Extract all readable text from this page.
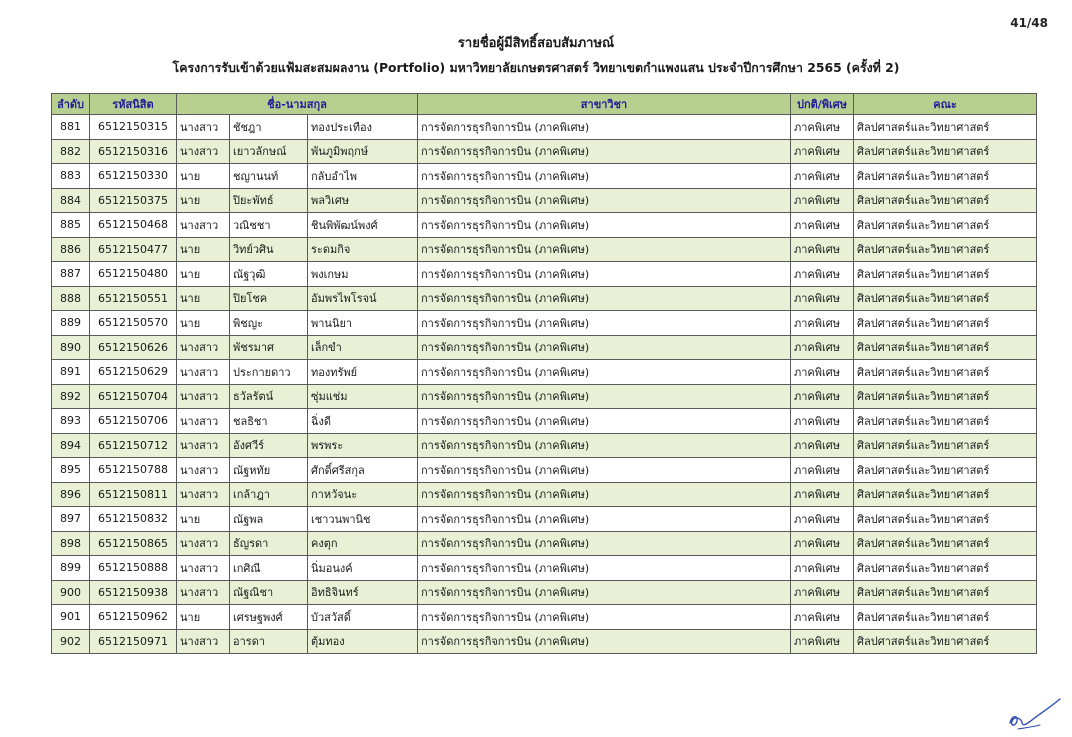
41/48
รายชื่อผู้มีสิทธิ์สอบสัมภาษณ์
โครงการรับเข้าด้วยแฟ้มสะสมผลงาน (Portfolio) มหาวิทยาลัยเกษตรศาสตร์ วิทยาเขตกำแพงแสน ประจำปีการศึกษา 2565 (ครั้งที่ 2)
ลำดับ	รหัสนิสิต	ชื่อ-นามสกุล			สาขาวิชา	ปกติ/พิเศษ	คณะ
881	6512150315	นางสาว	ชัชฎา	ทองประเทือง	การจัดการธุรกิจการบิน (ภาคพิเศษ)	ภาคพิเศษ	ศิลปศาสตร์และวิทยาศาสตร์
882	6512150316	นางสาว	เยาวลักษณ์	พันภูมิพฤกษ์	การจัดการธุรกิจการบิน (ภาคพิเศษ)	ภาคพิเศษ	ศิลปศาสตร์และวิทยาศาสตร์
883	6512150330	นาย	ชญานนท์	กลับอำไพ	การจัดการธุรกิจการบิน (ภาคพิเศษ)	ภาคพิเศษ	ศิลปศาสตร์และวิทยาศาสตร์
884	6512150375	นาย	ปิยะพัทธ์	พลวิเศษ	การจัดการธุรกิจการบิน (ภาคพิเศษ)	ภาคพิเศษ	ศิลปศาสตร์และวิทยาศาสตร์
885	6512150468	นางสาว	วณิชชา	ชินพิพัฒน์พงศ์	การจัดการธุรกิจการบิน (ภาคพิเศษ)	ภาคพิเศษ	ศิลปศาสตร์และวิทยาศาสตร์
886	6512150477	นาย	วิทย์วศิน	ระดมกิจ	การจัดการธุรกิจการบิน (ภาคพิเศษ)	ภาคพิเศษ	ศิลปศาสตร์และวิทยาศาสตร์
887	6512150480	นาย	ณัฐวุฒิ	พงเกษม	การจัดการธุรกิจการบิน (ภาคพิเศษ)	ภาคพิเศษ	ศิลปศาสตร์และวิทยาศาสตร์
888	6512150551	นาย	ปิยโชค	อัมพรไพโรจน์	การจัดการธุรกิจการบิน (ภาคพิเศษ)	ภาคพิเศษ	ศิลปศาสตร์และวิทยาศาสตร์
889	6512150570	นาย	พิชญะ	พานนิยา	การจัดการธุรกิจการบิน (ภาคพิเศษ)	ภาคพิเศษ	ศิลปศาสตร์และวิทยาศาสตร์
890	6512150626	นางสาว	พัชรมาศ	เล็กขำ	การจัดการธุรกิจการบิน (ภาคพิเศษ)	ภาคพิเศษ	ศิลปศาสตร์และวิทยาศาสตร์
891	6512150629	นางสาว	ประกายดาว	ทองทรัพย์	การจัดการธุรกิจการบิน (ภาคพิเศษ)	ภาคพิเศษ	ศิลปศาสตร์และวิทยาศาสตร์
892	6512150704	นางสาว	ธวัลรัตน์	ซุ่มแช่ม	การจัดการธุรกิจการบิน (ภาคพิเศษ)	ภาคพิเศษ	ศิลปศาสตร์และวิทยาศาสตร์
893	6512150706	นางสาว	ชลธิชา	ฉิ่งดี	การจัดการธุรกิจการบิน (ภาคพิเศษ)	ภาคพิเศษ	ศิลปศาสตร์และวิทยาศาสตร์
894	6512150712	นางสาว	อังศวีร์	พรพระ	การจัดการธุรกิจการบิน (ภาคพิเศษ)	ภาคพิเศษ	ศิลปศาสตร์และวิทยาศาสตร์
895	6512150788	นางสาว	ณัฐหทัย	ศักดิ์ศรีสกุล	การจัดการธุรกิจการบิน (ภาคพิเศษ)	ภาคพิเศษ	ศิลปศาสตร์และวิทยาศาสตร์
896	6512150811	นางสาว	เกล้าฎา	กาหวัจนะ	การจัดการธุรกิจการบิน (ภาคพิเศษ)	ภาคพิเศษ	ศิลปศาสตร์และวิทยาศาสตร์
897	6512150832	นาย	ณัฐพล	เชาวนพานิช	การจัดการธุรกิจการบิน (ภาคพิเศษ)	ภาคพิเศษ	ศิลปศาสตร์และวิทยาศาสตร์
898	6512150865	นางสาว	ธัญรดา	คงตุก	การจัดการธุรกิจการบิน (ภาคพิเศษ)	ภาคพิเศษ	ศิลปศาสตร์และวิทยาศาสตร์
899	6512150888	นางสาว	เกศิณี	นิ่มอนงค์	การจัดการธุรกิจการบิน (ภาคพิเศษ)	ภาคพิเศษ	ศิลปศาสตร์และวิทยาศาสตร์
900	6512150938	นางสาว	ณัฐณิชา	อิทธิจินทร์	การจัดการธุรกิจการบิน (ภาคพิเศษ)	ภาคพิเศษ	ศิลปศาสตร์และวิทยาศาสตร์
901	6512150962	นาย	เศรษฐพงศ์	บัวสวัสดิ์	การจัดการธุรกิจการบิน (ภาคพิเศษ)	ภาคพิเศษ	ศิลปศาสตร์และวิทยาศาสตร์
902	6512150971	นางสาว	อารดา	ตุ้มทอง	การจัดการธุรกิจการบิน (ภาคพิเศษ)	ภาคพิเศษ	ศิลปศาสตร์และวิทยาศาสตร์
